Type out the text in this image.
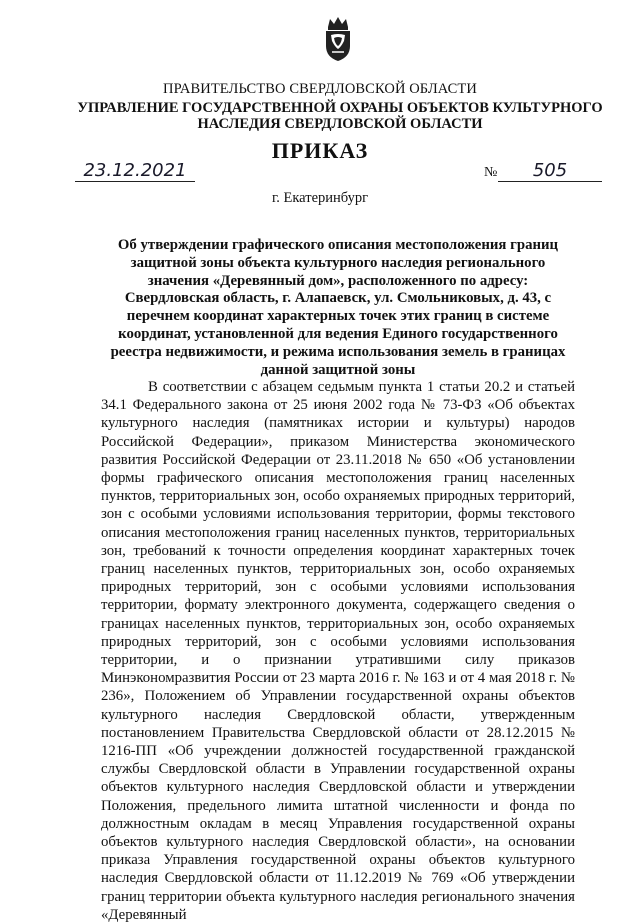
ПРАВИТЕЛЬСТВО СВЕРДЛОВСКОЙ ОБЛАСТИ
УПРАВЛЕНИЕ ГОСУДАРСТВЕННОЙ ОХРАНЫ ОБЪЕКТОВ КУЛЬТУРНОГО НАСЛЕДИЯ СВЕРДЛОВСКОЙ ОБЛАСТИ
ПРИКАЗ
23.12.2021	№	505
г. Екатеринбург
Об утверждении графического описания местоположения границ защитной зоны объекта культурного наследия регионального значения «Деревянный дом», расположенного по адресу: Свердловская область, г. Алапаевск, ул. Смольниковых, д. 43, с перечнем координат характерных точек этих границ в системе координат, установленной для ведения Единого государственного реестра недвижимости, и режима использования земель в границах данной защитной зоны
В соответствии с абзацем седьмым пункта 1 статьи 20.2 и статьей 34.1 Федерального закона от 25 июня 2002 года № 73-ФЗ «Об объектах культурного наследия (памятниках истории и культуры) народов Российской Федерации», приказом Министерства экономического развития Российской Федерации от 23.11.2018 № 650 «Об установлении формы графического описания местоположения границ населенных пунктов, территориальных зон, особо охраняемых природных территорий, зон с особыми условиями использования территории, формы текстового описания местоположения границ населенных пунктов, территориальных зон, требований к точности определения координат характерных точек границ населенных пунктов, территориальных зон, особо охраняемых природных территорий, зон с особыми условиями использования территории, формату электронного документа, содержащего сведения о границах населенных пунктов, территориальных зон, особо охраняемых природных территорий, зон с особыми условиями использования территории, и о признании утратившими силу приказов Минэкономразвития России от 23 марта 2016 г. № 163 и от 4 мая 2018 г. № 236», Положением об Управлении государственной охраны объектов культурного наследия Свердловской области, утвержденным постановлением Правительства Свердловской области от 28.12.2015 № 1216-ПП «Об учреждении должностей государственной гражданской службы Свердловской области в Управлении государственной охраны объектов культурного наследия Свердловской области и утверждении Положения, предельного лимита штатной численности и фонда по должностным окладам в месяц Управления государственной охраны объектов культурного наследия Свердловской области», на основании приказа Управления государственной охраны объектов культурного наследия Свердловской области от 11.12.2019 № 769 «Об утверждении границ территории объекта культурного наследия регионального значения «Деревянный
